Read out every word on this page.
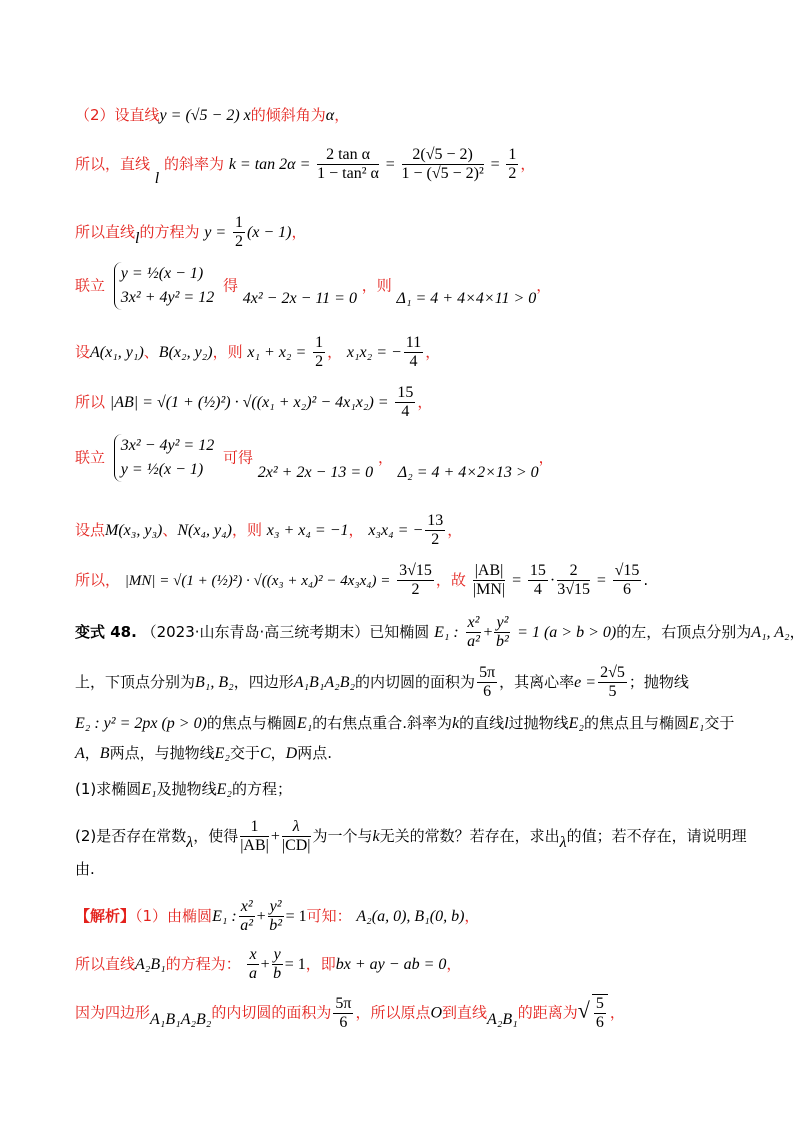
（2）设直线y = (√5 − 2) x的倾斜角为α，
所以，直线 l 的斜率为 $k = \tan 2\alpha = \frac{\text{2 tan α}}{\text{1 − tan² α}} = \frac{2(√5 - 2)}{\text{1 − (√5 − 2)²}} = \frac{1}{2}$ ，
所以直线l的方程为 $y = \frac{1}{2} (x - 1)$，
联立
y = ½(x − 1)
3x² + 4y² = 12
得 4x² − 2x − 11 = 0 ，则 Δ₁ = 4 + 4×4×11 > 0，
设A(x₁, y₁)、B(x₂, y₂)，则 $x_1 + x_2 = \frac{1}{2}$ ， x₁x₂ = − $\frac{11}{4}$ ，
所以 |AB| = √(1 + (½)²) · $√((x_1 + x_2)^2 - 4x_1x_2) = \frac{15}{4}$ ，
联立
3x² − 4y² = 12
y = ½(x − 1)
可得 2x² + 2x − 13 = 0 ， Δ₂ = 4 + 4×2×13 > 0，
设点M(x₃, y₃)、N(x₄, y₄)，则 x₃ + x₄ = −1， x₃x₄ = − $\frac{13}{2}$ ，
所以， |MN| = √(1 + (½)²) · $√((x_3 + x_4)^2 - 4x_3x_4) = \frac{3√15}{2}$ ，故 $\frac{|AB|}{|MN|} = \frac{15}{4} \cdot \frac{2}{3√15} = \frac{√15}{6}$ .
变式 48. （2023·山东青岛·高三统考期末）已知椭圆 E₁ : $\frac{\text{x²}}{\text{a²}} + \frac{\text{y²}}{\text{b²}} = 1$ (a > b > 0)的左，右顶点分别为A₁, A₂，
上，下顶点分别为B₁, B₂，四边形A₁B₁A₂B₂的内切圆的面积为 $\frac{5\pi}{6}$ ，其离心率$e = \frac{2√5}{5}$ ；抛物线
E₂ : y² = 2px (p > 0)的焦点与椭圆E₁的右焦点重合.斜率为k的直线l过抛物线E₂的焦点且与椭圆E₁交于
A，B两点，与抛物线E₂交于C，D两点.
(1)求椭圆E₁及抛物线E₂的方程；
(2)是否存在常数λ，使得 $\frac{1}{|AB|} + \frac{\lambda}{|CD|}$ 为一个与k无关的常数？若存在，求出λ的值；若不存在，请说明理
由.
【解析】（1）由椭圆E₁ : $\frac{\text{x²}}{\text{a²}} + \frac{\text{y²}}{\text{b²}} = 1$可知： A₂(a, 0), B₁(0, b)，
所以直线A₂B₁的方程为： $\frac{x}{a} + \frac{y}{b} = 1$，即bx + ay − ab = 0，
因为四边形A₁B₁A₂B₂的内切圆的面积为 $\frac{5\pi}{6}$ ，所以原点O到直线A₂B₁的距离为√ $\frac{5}{6}$ ，
